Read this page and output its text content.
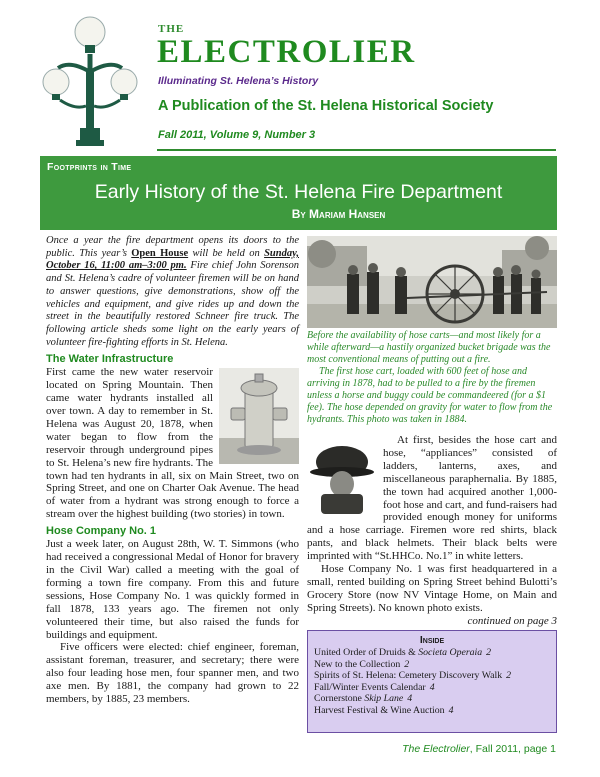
THE
ELECTROLIER
Illuminating St. Helena’s History
A Publication of the St. Helena Historical Society
Fall 2011, Volume 9, Number 3
Footprints in Time
Early History of the St. Helena Fire Department
By Mariam Hansen

Once a year the fire department opens its doors to the public. This year’s Open House will be held on Sunday, October 16, 11:00 am–3:00 pm. Fire chief John Sorenson and St. Helena’s cadre of volunteer firemen will be on hand to answer questions, give demonstrations, show off the vehicles and equipment, and give rides up and down the street in the beautifully restored Schneer fire truck. The following article sheds some light on the early years of volunteer fire-fighting efforts in St. Helena.

The Water Infrastructure

First came the new water reservoir located on Spring Mountain. Then came water hydrants installed all over town. A day to remember in St. Helena was August 20, 1878, when water began to flow from the reservoir through underground pipes to St. Helena’s new fire hydrants. The town had ten hydrants in all, six on Main Street, two on Spring Street, and one on Charter Oak Avenue. The head of water from a hydrant was strong enough to force a stream over the highest building (two stories) in town.

Hose Company No. 1

Just a week later, on August 28th, W. T. Simmons (who had received a congressional Medal of Honor for bravery in the Civil War) called a meeting with the goal of forming a town fire company. From this and future sessions, Hose Company No. 1 was quickly formed in fall 1878, 133 years ago. The firemen not only volunteered their time, but also raised the funds for buildings and equipment.

Five officers were elected: chief engineer, foreman, assistant foreman, treasurer, and secretary; there were also four leading hose men, four spanner men, and two axe men. By 1881, the company had grown to 22 members, by 1885, 23 members.

Before the availability of hose carts—and most likely for a while afterward—a hastily organized bucket brigade was the most conventional means of putting out a fire.

The first hose cart, loaded with 600 feet of hose and arriving in 1878, had to be pulled to a fire by the firemen unless a horse and buggy could be commandeered (for a $1 fee). The hose depended on gravity for water to flow from the hydrants. This photo was taken in 1884.

At first, besides the hose cart and hose, “appliances” consisted of ladders, lanterns, axes, and miscellaneous paraphernalia. By 1885, the town had acquired another 1,000-foot hose and cart, and fund-raisers had provided enough money for uniforms and a hose carriage. Firemen wore red shirts, black pants, and black helmets. Their black belts were imprinted with “St.HHCo. No.1” in white letters.

Hose Company No. 1 was first headquartered in a small, rented building on Spring Street behind Bulotti’s Grocery Store (now NV Vintage Home, on Main and Spring Streets). No known photo exists.

continued on page 3

Inside
United Order of Druids & Societa Operaia 2
New to the Collection 2
Spirits of St. Helena: Cemetery Discovery Walk 2
Fall/Winter Events Calendar 4
Cornerstone Skip Lane 4
Harvest Festival & Wine Auction 4
The Electrolier, Fall 2011, page 1
